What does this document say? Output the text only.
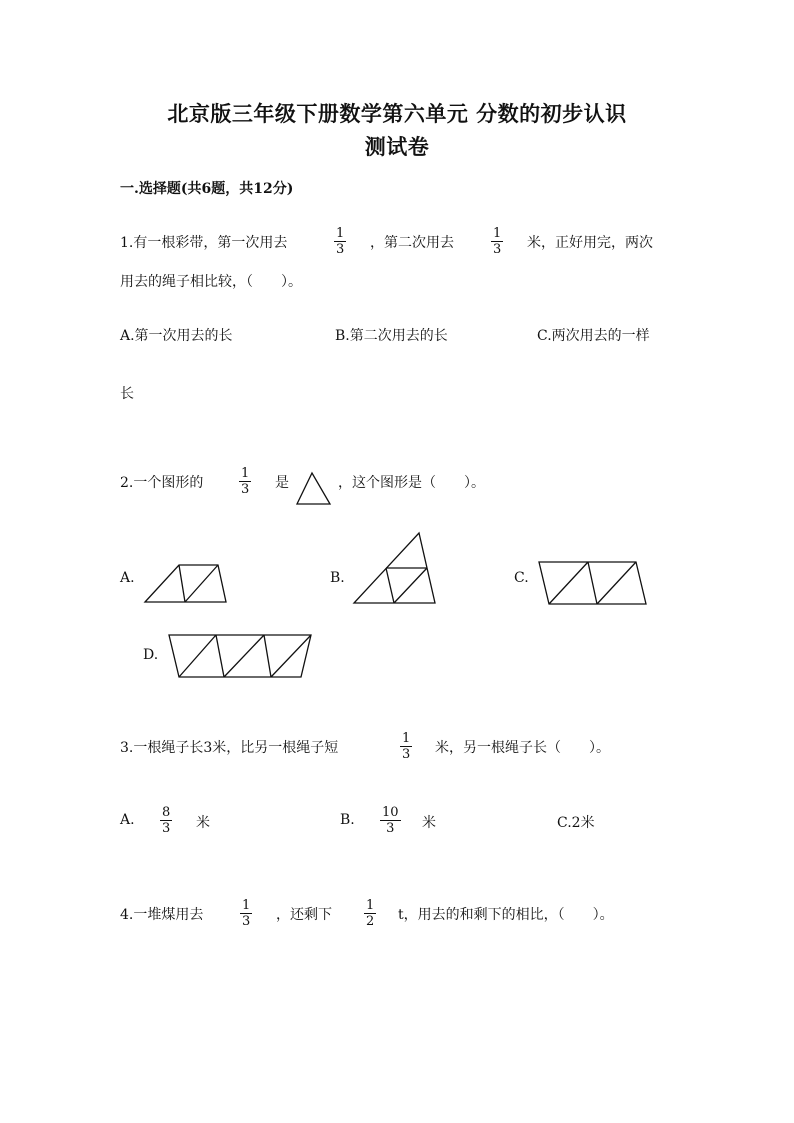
北京版三年级下册数学第六单元 分数的初步认识
测试卷
一.选择题(共6题，共12分)
1.有一根彩带，第一次用去
1
3 ，第二次用去
1
3 米，正好用完，两次
用去的绳子相比较，（　　）。
A.第一次用去的长	B.第二次用去的长	C.两次用去的一样
长
2.一个图形的
1
3 是	，这个图形是（　　）。
A.	B.	C.
D.
3.一根绳子长3米，比另一根绳子短
1
3 米，另一根绳子长（　　）。
A. 8
3 米	B. 10
3 米	C.2米
4.一堆煤用去
1
3 ，还剩下
1
2 t，用去的和剩下的相比，（　　）。
